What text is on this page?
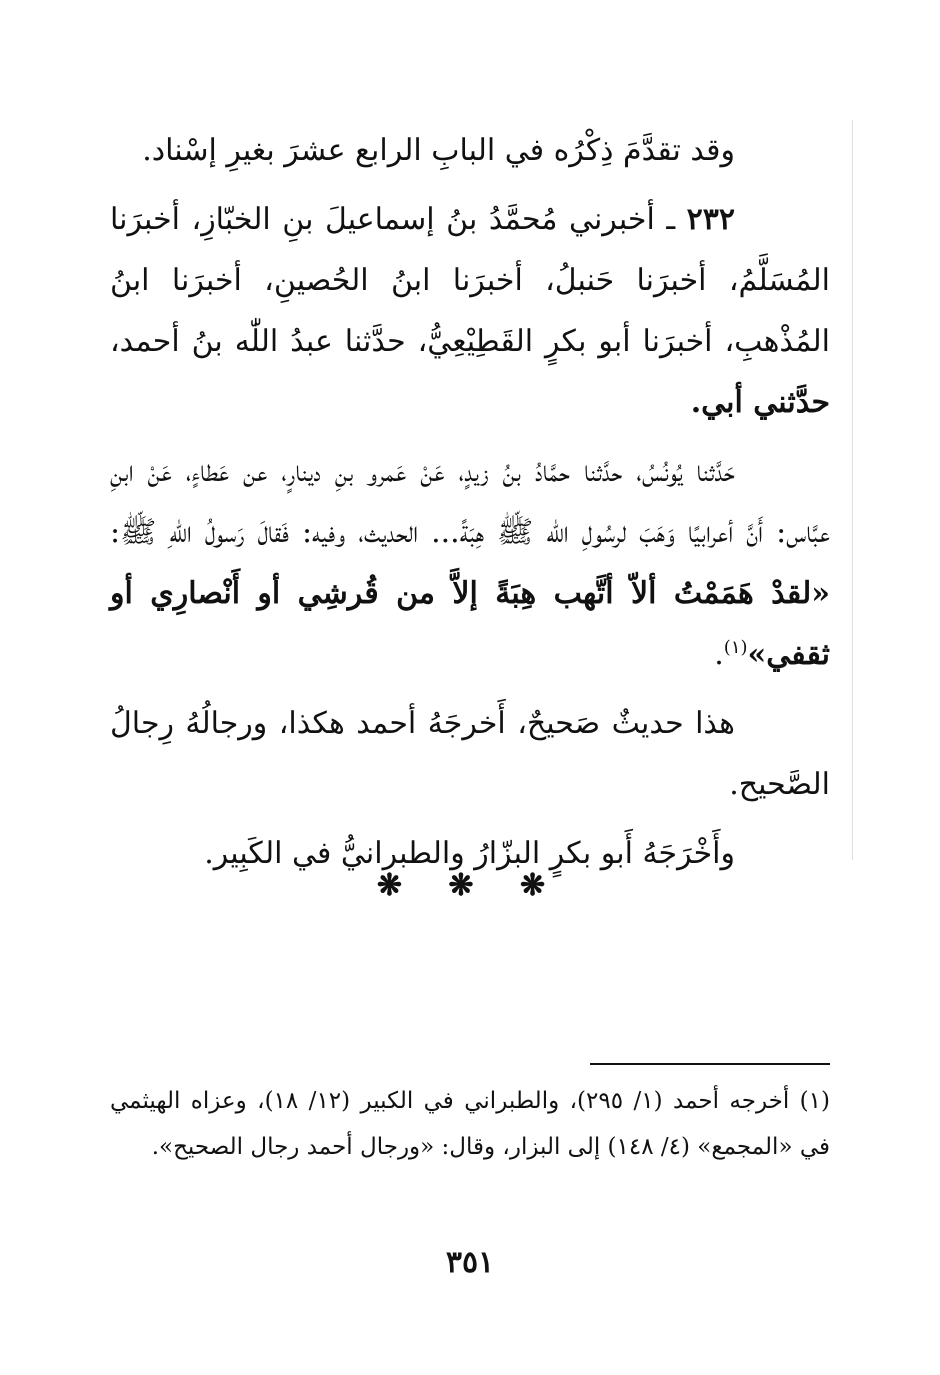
وقد تقدَّمَ ذِكْرُه في البابِ الرابع عشرَ بغيرِ إسْناد.

٢٣٢ ـ أخبرني مُحمَّدُ بنُ إسماعيلَ بنِ الخبّازِ، أخبرَنا المُسَلَّمُ، أخبرَنا حَنبلُ، أخبرَنا ابنُ الحُصينِ، أخبرَنا ابنُ المُذْهبِ، أخبرَنا أبو بكرٍ القَطِيْعِيُّ، حدَّثنا عبدُ اللّٰه بنُ أحمد، حدَّثني أبي.

حَدَّثنا يُونُسُ، حدَّثنا حمَّادُ بنُ زيدٍ، عَنْ عَمرو بنِ دينارٍ، عن عَطاءٍ، عَنْ ابنِ عبَّاس: أَنَّ أعرابيًا وَهَبَ لرسُولِ اللّٰه ﷺ هِبَةً... الحديث، وفيه: فَقالَ رَسولُ اللّٰهِ ﷺ: «لقدْ هَمَمْتُ ألاّ أتَّهب هِبَةً إلاَّ من قُرشِي أو أَنْصارِي أو ثقفي»$^{(١)}$.

هذا حديثٌ صَحيحٌ، أَخرجَهُ أحمد هكذا، ورجالُهُ رِجالُ الصَّحيح.

وأَخْرَجَهُ أَبو بكرٍ البزّارُ والطبرانيُّ في الكَبِير.

❋ ❋ ❋

(١) أخرجه أحمد (١/ ٢٩٥)، والطبراني في الكبير (١٢/ ١٨)، وعزاه الهيثمي في «المجمع» (٤/ ١٤٨) إلى البزار، وقال: «ورجال أحمد رجال الصحيح».

٣٥١
